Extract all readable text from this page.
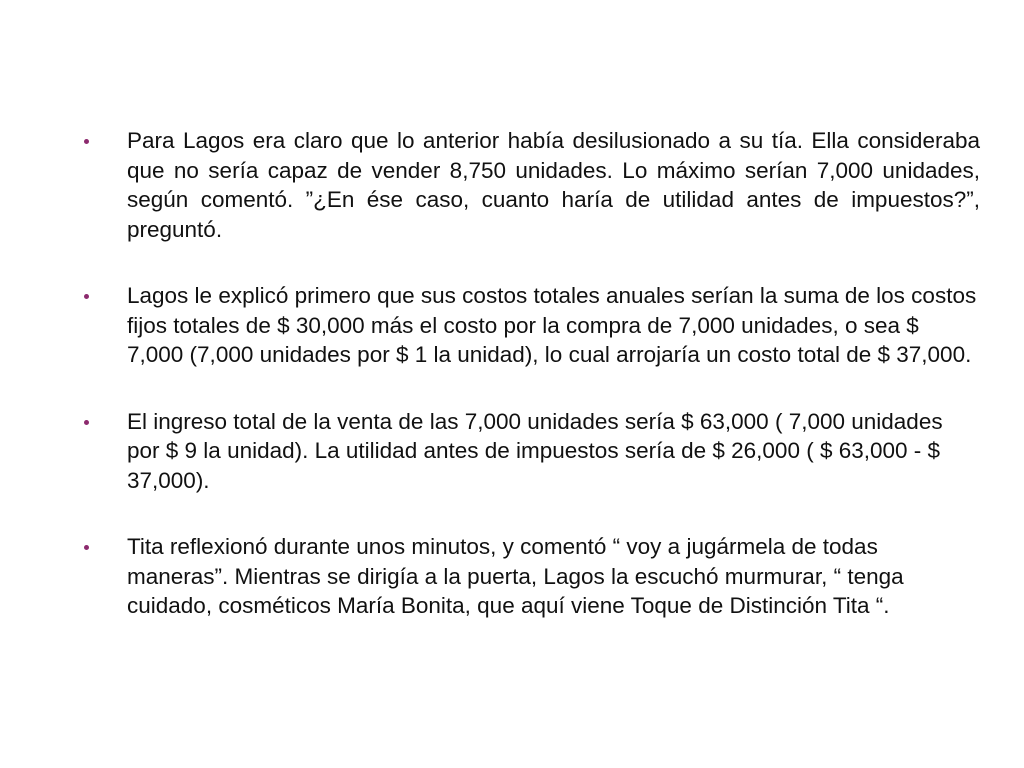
Para Lagos era claro que lo anterior había desilusionado a su tía. Ella consideraba que no sería capaz de vender 8,750 unidades. Lo máximo serían 7,000 unidades, según comentó. ”¿En ése caso, cuanto haría de utilidad antes de impuestos?”, preguntó.
Lagos le explicó primero que sus costos totales anuales serían la suma de los costos fijos totales de $ 30,000 más el costo por la compra de 7,000 unidades, o sea $ 7,000 (7,000 unidades por $ 1 la unidad), lo cual arrojaría un costo total de $ 37,000.
El ingreso total de la venta de las 7,000 unidades sería $ 63,000 ( 7,000 unidades por $ 9 la unidad). La utilidad antes de impuestos sería de $ 26,000 ( $ 63,000 - $ 37,000).
Tita reflexionó durante unos minutos, y comentó “ voy a jugármela de todas maneras”. Mientras se dirigía a la puerta, Lagos la escuchó murmurar, “ tenga cuidado, cosméticos María Bonita, que aquí viene Toque de Distinción Tita “.
